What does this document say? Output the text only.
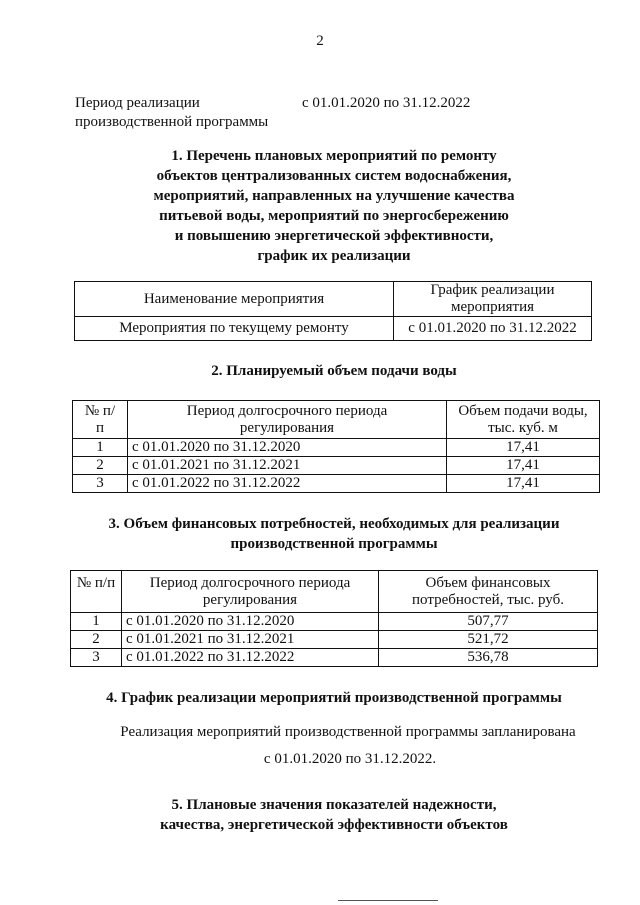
2
Период реализации
производственной программы
с 01.01.2020 по 31.12.2022
1. Перечень плановых мероприятий по ремонту
объектов централизованных систем водоснабжения,
мероприятий, направленных на улучшение качества
питьевой воды, мероприятий по энергосбережению
и повышению энергетической эффективности,
график их реализации
Наименование мероприятия	График реализации мероприятия
Мероприятия по текущему ремонту	с 01.01.2020 по 31.12.2022
2. Планируемый объем подачи воды
№ п/п	Период долгосрочного периода регулирования	Объем подачи воды, тыс. куб. м
1	с 01.01.2020 по 31.12.2020	17,41
2	с 01.01.2021 по 31.12.2021	17,41
3	с 01.01.2022 по 31.12.2022	17,41
3. Объем финансовых потребностей, необходимых для реализации
производственной программы
№ п/п	Период долгосрочного периода регулирования	Объем финансовых потребностей, тыс. руб.
1	с 01.01.2020 по 31.12.2020	507,77
2	с 01.01.2021 по 31.12.2021	521,72
3	с 01.01.2022 по 31.12.2022	536,78
4. График реализации мероприятий производственной программы
Реализация мероприятий производственной программы запланирована
с 01.01.2020 по 31.12.2022.
5. Плановые значения показателей надежности,
качества, энергетической эффективности объектов
